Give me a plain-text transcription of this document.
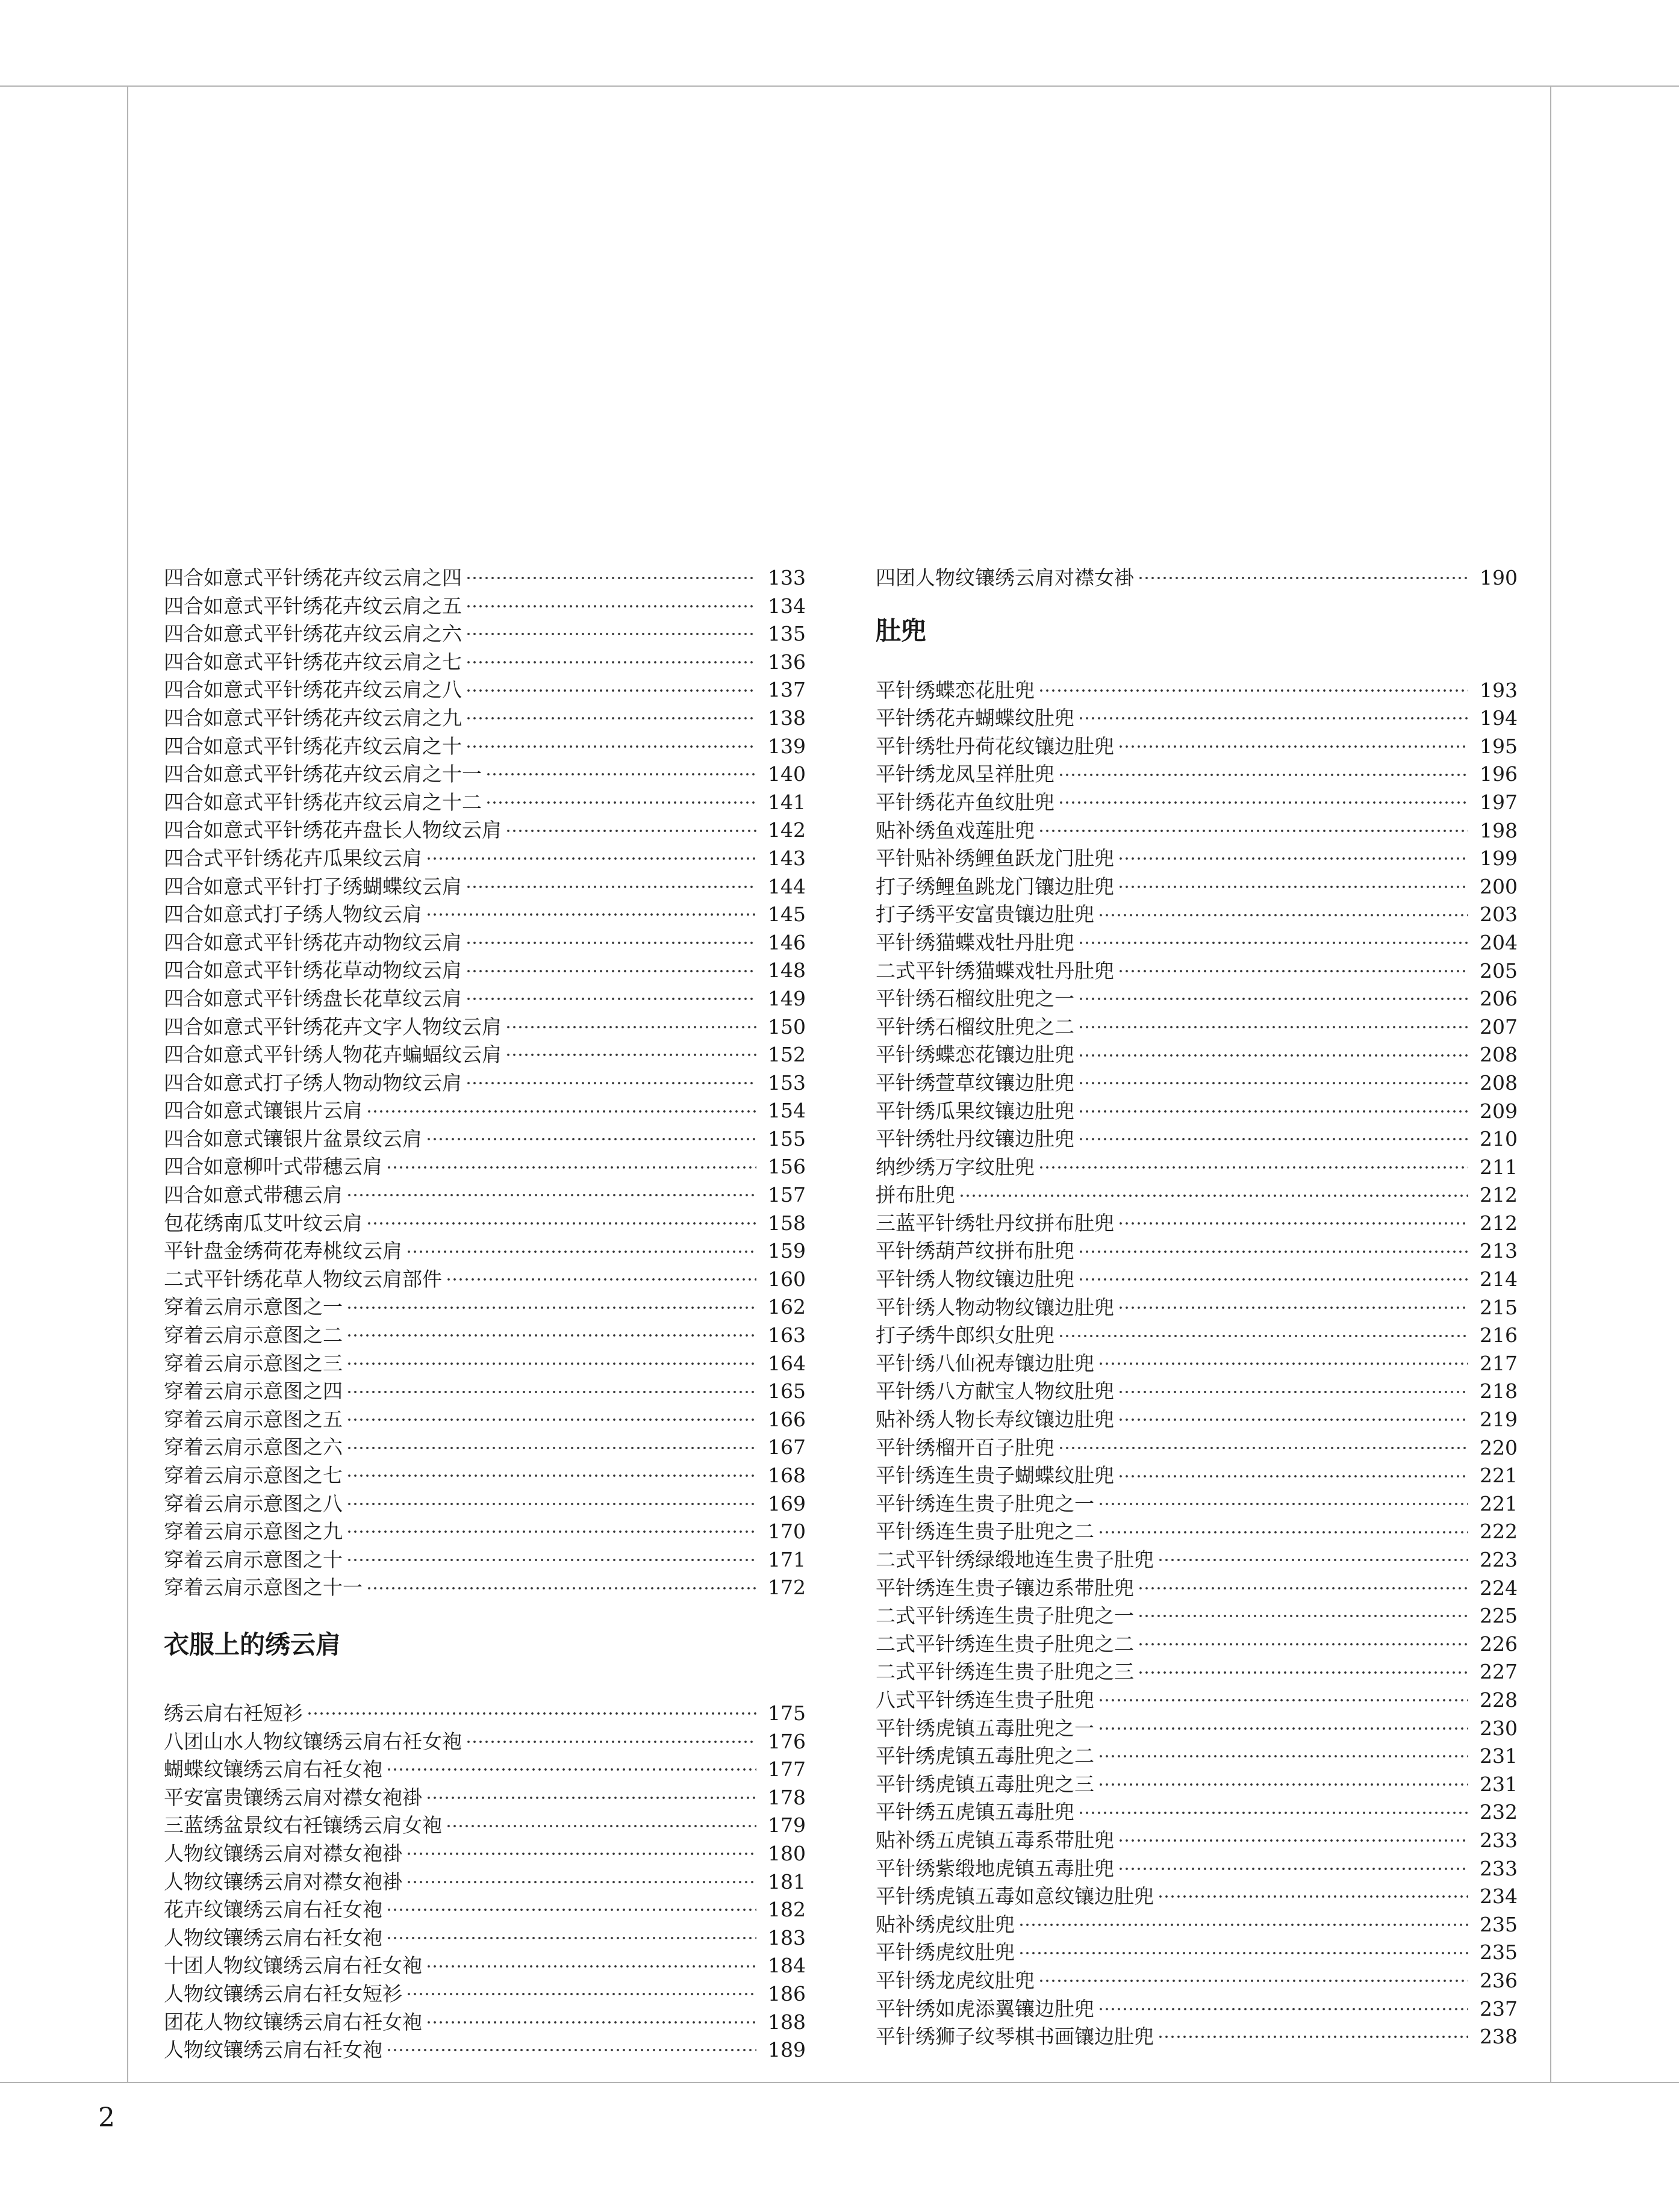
四合如意式平针绣花卉纹云肩之四	133
四合如意式平针绣花卉纹云肩之五	134
四合如意式平针绣花卉纹云肩之六	135
四合如意式平针绣花卉纹云肩之七	136
四合如意式平针绣花卉纹云肩之八	137
四合如意式平针绣花卉纹云肩之九	138
四合如意式平针绣花卉纹云肩之十	139
四合如意式平针绣花卉纹云肩之十一	140
四合如意式平针绣花卉纹云肩之十二	141
四合如意式平针绣花卉盘长人物纹云肩	142
四合式平针绣花卉瓜果纹云肩	143
四合如意式平针打子绣蝴蝶纹云肩	144
四合如意式打子绣人物纹云肩	145
四合如意式平针绣花卉动物纹云肩	146
四合如意式平针绣花草动物纹云肩	148
四合如意式平针绣盘长花草纹云肩	149
四合如意式平针绣花卉文字人物纹云肩	150
四合如意式平针绣人物花卉蝙蝠纹云肩	152
四合如意式打子绣人物动物纹云肩	153
四合如意式镶银片云肩	154
四合如意式镶银片盆景纹云肩	155
四合如意柳叶式带穗云肩	156
四合如意式带穗云肩	157
包花绣南瓜艾叶纹云肩	158
平针盘金绣荷花寿桃纹云肩	159
二式平针绣花草人物纹云肩部件	160
穿着云肩示意图之一	162
穿着云肩示意图之二	163
穿着云肩示意图之三	164
穿着云肩示意图之四	165
穿着云肩示意图之五	166
穿着云肩示意图之六	167
穿着云肩示意图之七	168
穿着云肩示意图之八	169
穿着云肩示意图之九	170
穿着云肩示意图之十	171
穿着云肩示意图之十一	172
衣服上的绣云肩
绣云肩右衽短衫	175
八团山水人物纹镶绣云肩右衽女袍	176
蝴蝶纹镶绣云肩右衽女袍	177
平安富贵镶绣云肩对襟女袍褂	178
三蓝绣盆景纹右衽镶绣云肩女袍	179
人物纹镶绣云肩对襟女袍褂	180
人物纹镶绣云肩对襟女袍褂	181
花卉纹镶绣云肩右衽女袍	182
人物纹镶绣云肩右衽女袍	183
十团人物纹镶绣云肩右衽女袍	184
人物纹镶绣云肩右衽女短衫	186
团花人物纹镶绣云肩右衽女袍	188
人物纹镶绣云肩右衽女袍	189
四团人物纹镶绣云肩对襟女褂	190
肚兜
平针绣蝶恋花肚兜	193
平针绣花卉蝴蝶纹肚兜	194
平针绣牡丹荷花纹镶边肚兜	195
平针绣龙凤呈祥肚兜	196
平针绣花卉鱼纹肚兜	197
贴补绣鱼戏莲肚兜	198
平针贴补绣鲤鱼跃龙门肚兜	199
打子绣鲤鱼跳龙门镶边肚兜	200
打子绣平安富贵镶边肚兜	203
平针绣猫蝶戏牡丹肚兜	204
二式平针绣猫蝶戏牡丹肚兜	205
平针绣石榴纹肚兜之一	206
平针绣石榴纹肚兜之二	207
平针绣蝶恋花镶边肚兜	208
平针绣萱草纹镶边肚兜	208
平针绣瓜果纹镶边肚兜	209
平针绣牡丹纹镶边肚兜	210
纳纱绣万字纹肚兜	211
拼布肚兜	212
三蓝平针绣牡丹纹拼布肚兜	212
平针绣葫芦纹拼布肚兜	213
平针绣人物纹镶边肚兜	214
平针绣人物动物纹镶边肚兜	215
打子绣牛郎织女肚兜	216
平针绣八仙祝寿镶边肚兜	217
平针绣八方献宝人物纹肚兜	218
贴补绣人物长寿纹镶边肚兜	219
平针绣榴开百子肚兜	220
平针绣连生贵子蝴蝶纹肚兜	221
平针绣连生贵子肚兜之一	221
平针绣连生贵子肚兜之二	222
二式平针绣绿缎地连生贵子肚兜	223
平针绣连生贵子镶边系带肚兜	224
二式平针绣连生贵子肚兜之一	225
二式平针绣连生贵子肚兜之二	226
二式平针绣连生贵子肚兜之三	227
八式平针绣连生贵子肚兜	228
平针绣虎镇五毒肚兜之一	230
平针绣虎镇五毒肚兜之二	231
平针绣虎镇五毒肚兜之三	231
平针绣五虎镇五毒肚兜	232
贴补绣五虎镇五毒系带肚兜	233
平针绣紫缎地虎镇五毒肚兜	233
平针绣虎镇五毒如意纹镶边肚兜	234
贴补绣虎纹肚兜	235
平针绣虎纹肚兜	235
平针绣龙虎纹肚兜	236
平针绣如虎添翼镶边肚兜	237
平针绣狮子纹琴棋书画镶边肚兜	238
2
